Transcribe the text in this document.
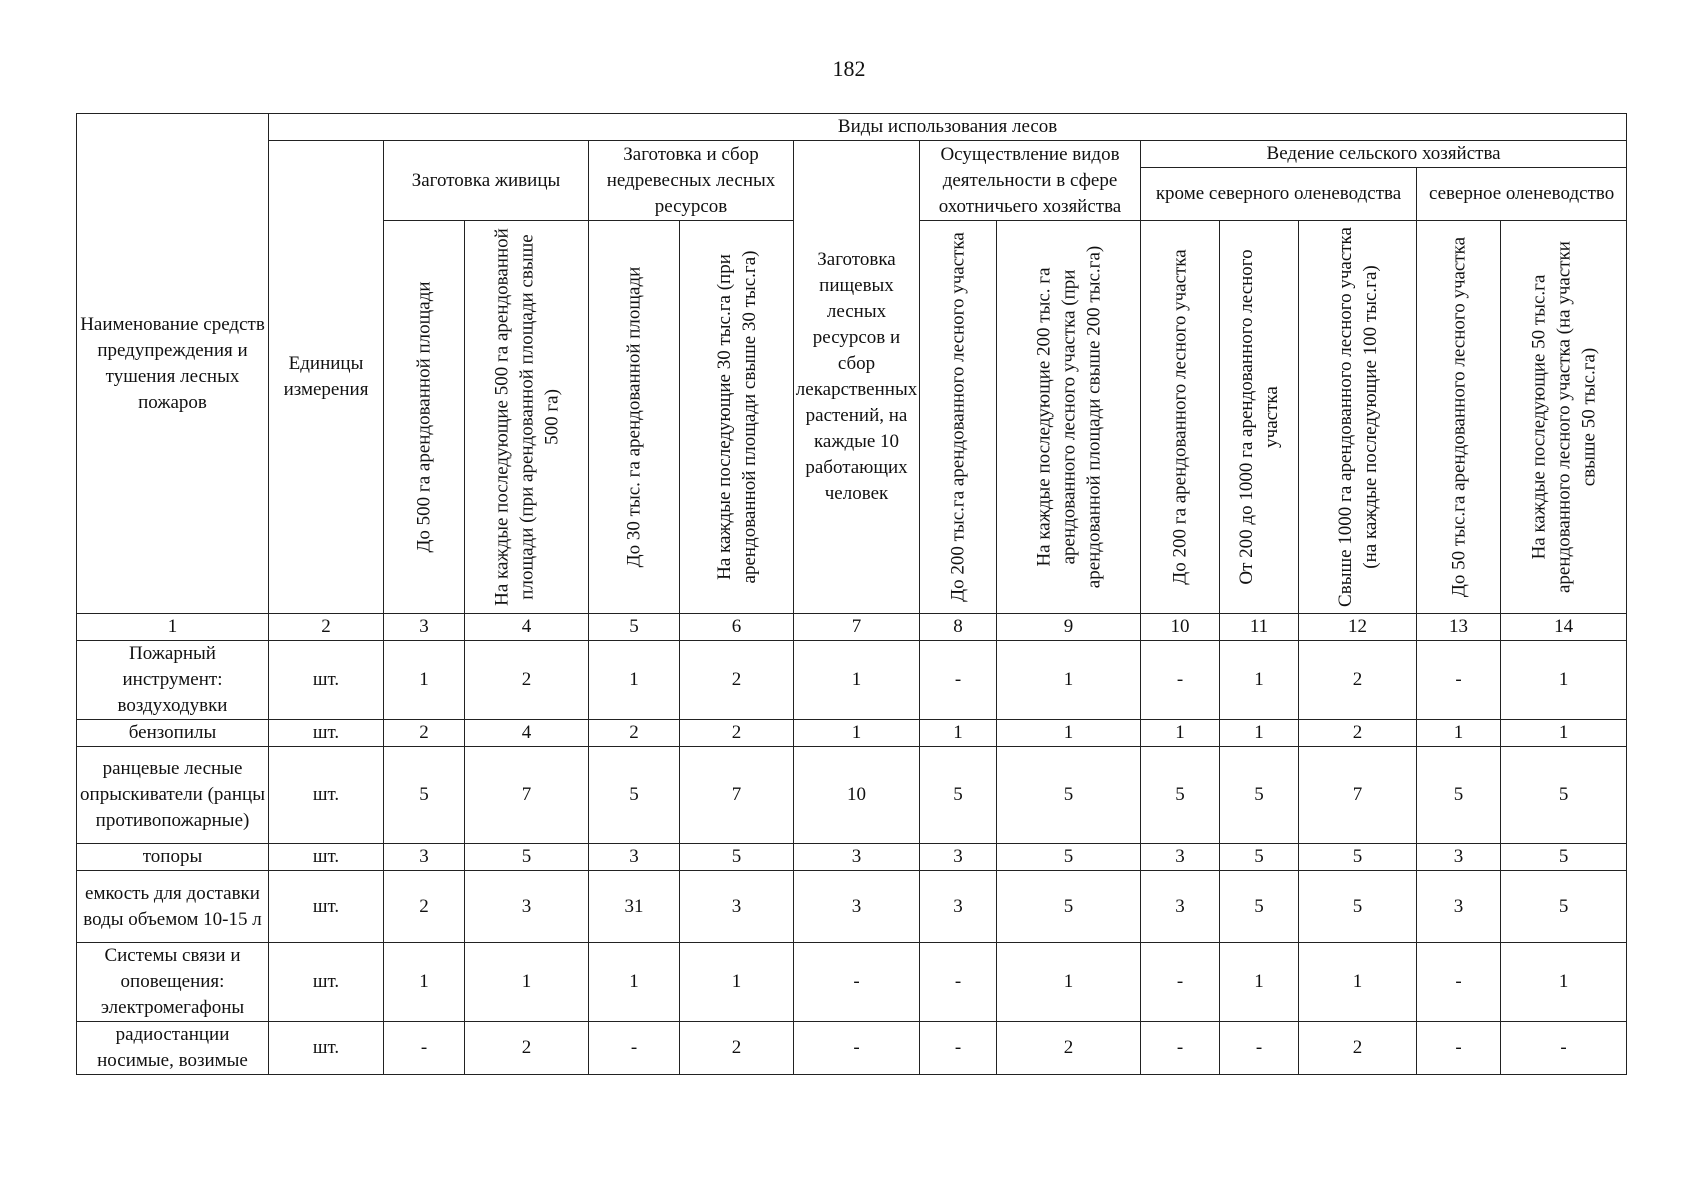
182
Наименование средств предупреждения и тушения лесных пожаров	Виды использования лесов												
	Единицы измерения	Заготовка живицы		Заготовка и сбор недревесных лесных ресурсов		Заготовка пищевых лесных ресурсов и сбор лекарственных растений, на каждые 10 работающих человек	Осуществление видов деятельности в сфере охотничьего хозяйства		Ведение сельского хозяйства				
									кроме северного оленеводства			северное оленеводство	

		До 500 га арендованной площади	На каждые последующие 500 га арендованной площади (при арендованной площади свыше 500 га)	До 30 тыс. га арендованной площади	На каждые последующие 30 тыс.га (при арендованной площади свыше 30 тыс.га)		До 200 тыс.га арендованного лесного участка	На каждые последующие 200 тыс. га арендованного лесного участка (при арендованной площади свыше 200 тыс.га)	До 200 га арендованного лесного участка	От 200 до 1000 га арендованного лесного участка	Свыше 1000 га арендованного лесного участка (на каждые последующие 100 тыс.га)	До 50 тыс.га арендованного лесного участка	На каждые последующие 50 тыс.га арендованного лесного участка (на участки свыше 50 тыс.га)

1	2	3	4	5	6	7	8	9	10	11	12	13	14
Пожарный инструмент: воздуходувки	шт.	1	2	1	2	1	-	1	-	1	2	-	1
бензопилы	шт.	2	4	2	2	1	1	1	1	1	2	1	1
ранцевые лесные опрыскиватели (ранцы противопожарные)	шт.	5	7	5	7	10	5	5	5	5	7	5	5
топоры	шт.	3	5	3	5	3	3	5	3	5	5	3	5
емкость для доставки воды объемом 10-15 л	шт.	2	3	31	3	3	3	5	3	5	5	3	5
Системы связи и оповещения: электромегафоны	шт.	1	1	1	1	-	-	1	-	1	1	-	1
радиостанции носимые, возимые	шт.	-	2	-	2	-	-	2	-	-	2	-	-
